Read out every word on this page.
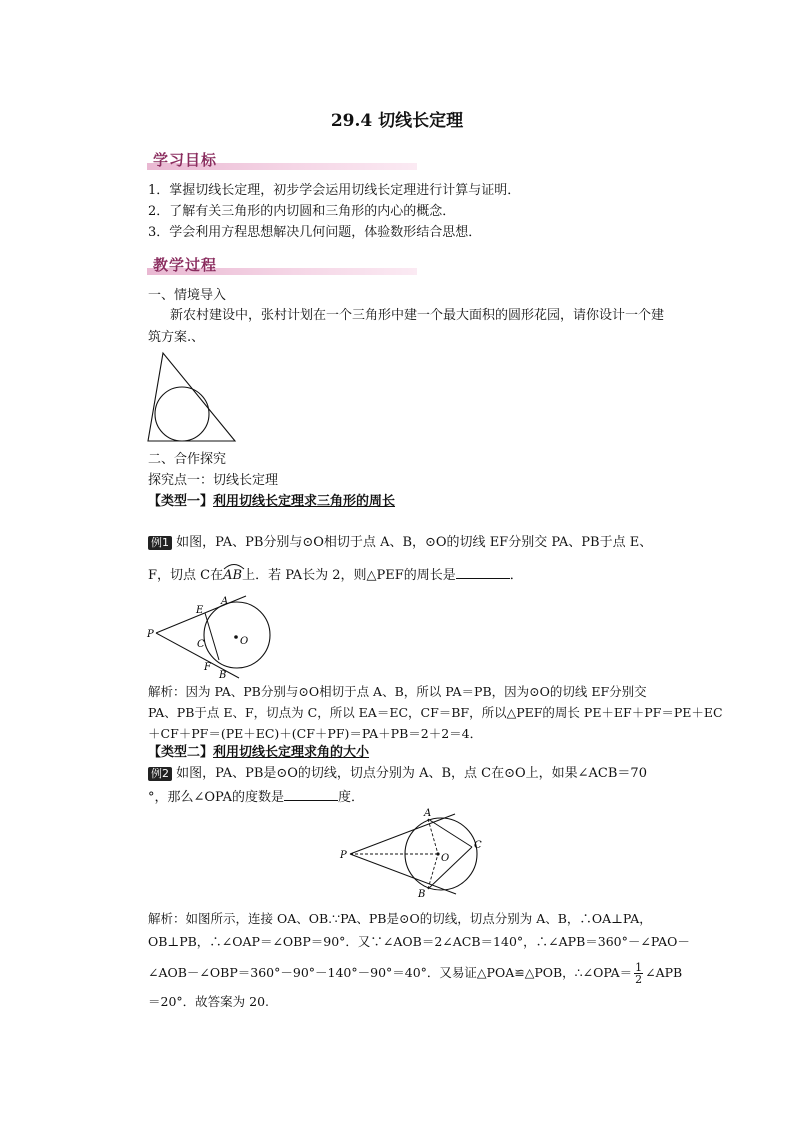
29.4 切线长定理
学习目标
1．掌握切线长定理，初步学会运用切线长定理进行计算与证明．
2．了解有关三角形的内切圆和三角形的内心的概念．
3．学会利用方程思想解决几何问题，体验数形结合思想．
教学过程
一、情境导入
新农村建设中，张村计划在一个三角形中建一个最大面积的圆形花园，请你设计一个建
筑方案.、
二、合作探究
探究点一：切线长定理
【类型一】利用切线长定理求三角形的周长
例1 如图，PA、PB分别与⊙O相切于点 A、B，⊙O的切线 EF分别交 PA、PB于点 E、
F，切点 C在
AB上．若 PA长为 2，则△PEF的周长是	．
P
E
A
C	O
F
B
解析：因为 PA、PB分别与⊙O相切于点 A、B，所以 PA＝PB，因为⊙O的切线 EF分别交
PA、PB于点 E、F，切点为 C，所以 EA＝EC，CF＝BF，所以△PEF的周长 PE＋EF＋PF＝PE＋EC
＋CF＋PF＝(PE＋EC)＋(CF＋PF)＝PA＋PB＝2＋2＝4．
【类型二】利用切线长定理求角的大小
例2 如图，PA、PB是⊙O的切线，切点分别为 A、B，点 C在⊙O上，如果∠ACB＝70
°，那么∠OPA的度数是	度．
P
A
B
C
O
解析：如图所示，连接 OA、OB.∵PA、PB是⊙O的切线，切点分别为 A、B，∴OA⊥PA，
OB⊥PB，∴∠OAP＝∠OBP＝90°．又∵∠AOB＝2∠ACB＝140°，∴∠APB＝360°－∠PAO－
∠AOB－∠OBP＝360°－90°－140°－90°＝40°．又易证△POA≌△POB，∴∠OPA＝ $\frac{1}{2}$ ∠APB
＝20°．故答案为 20.
